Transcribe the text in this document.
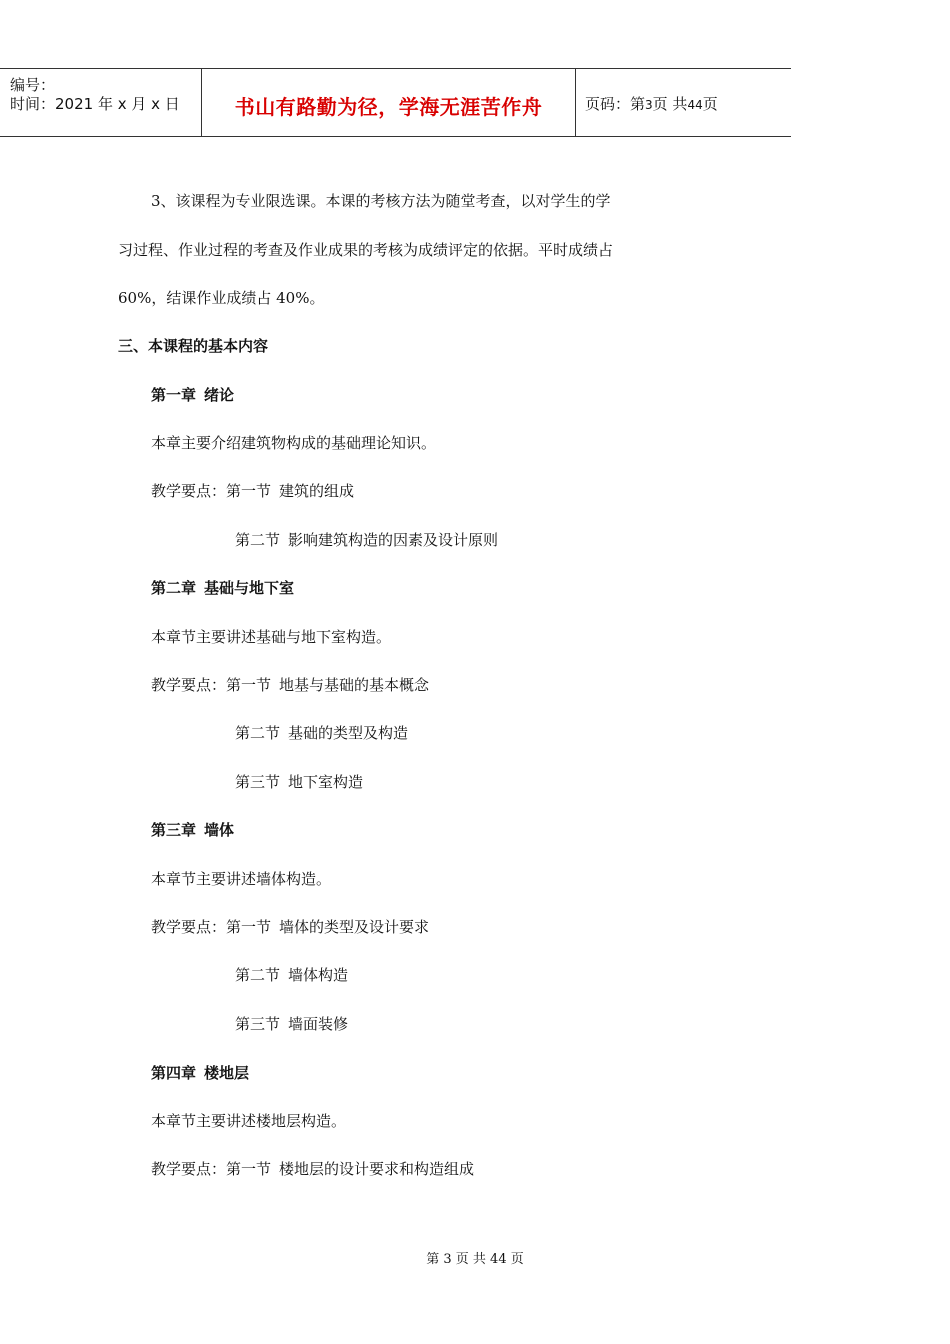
编号：
时间：2021 年 x 月 x 日	书山有路勤为径，学海无涯苦作舟	页码：第3页 共44页
3、该课程为专业限选课。本课的考核方法为随堂考查，以对学生的学
习过程、作业过程的考查及作业成果的考核为成绩评定的依据。平时成绩占
60%，结课作业成绩占 40%。
三、本课程的基本内容
第一章 绪论
本章主要介绍建筑物构成的基础理论知识。
教学要点：第一节 建筑的组成
第二节 影响建筑构造的因素及设计原则
第二章 基础与地下室
本章节主要讲述基础与地下室构造。
教学要点：第一节 地基与基础的基本概念
第二节 基础的类型及构造
第三节 地下室构造
第三章 墙体
本章节主要讲述墙体构造。
教学要点：第一节 墙体的类型及设计要求
第二节 墙体构造
第三节 墙面装修
第四章 楼地层
本章节主要讲述楼地层构造。
教学要点：第一节 楼地层的设计要求和构造组成
第 3 页 共 44 页
